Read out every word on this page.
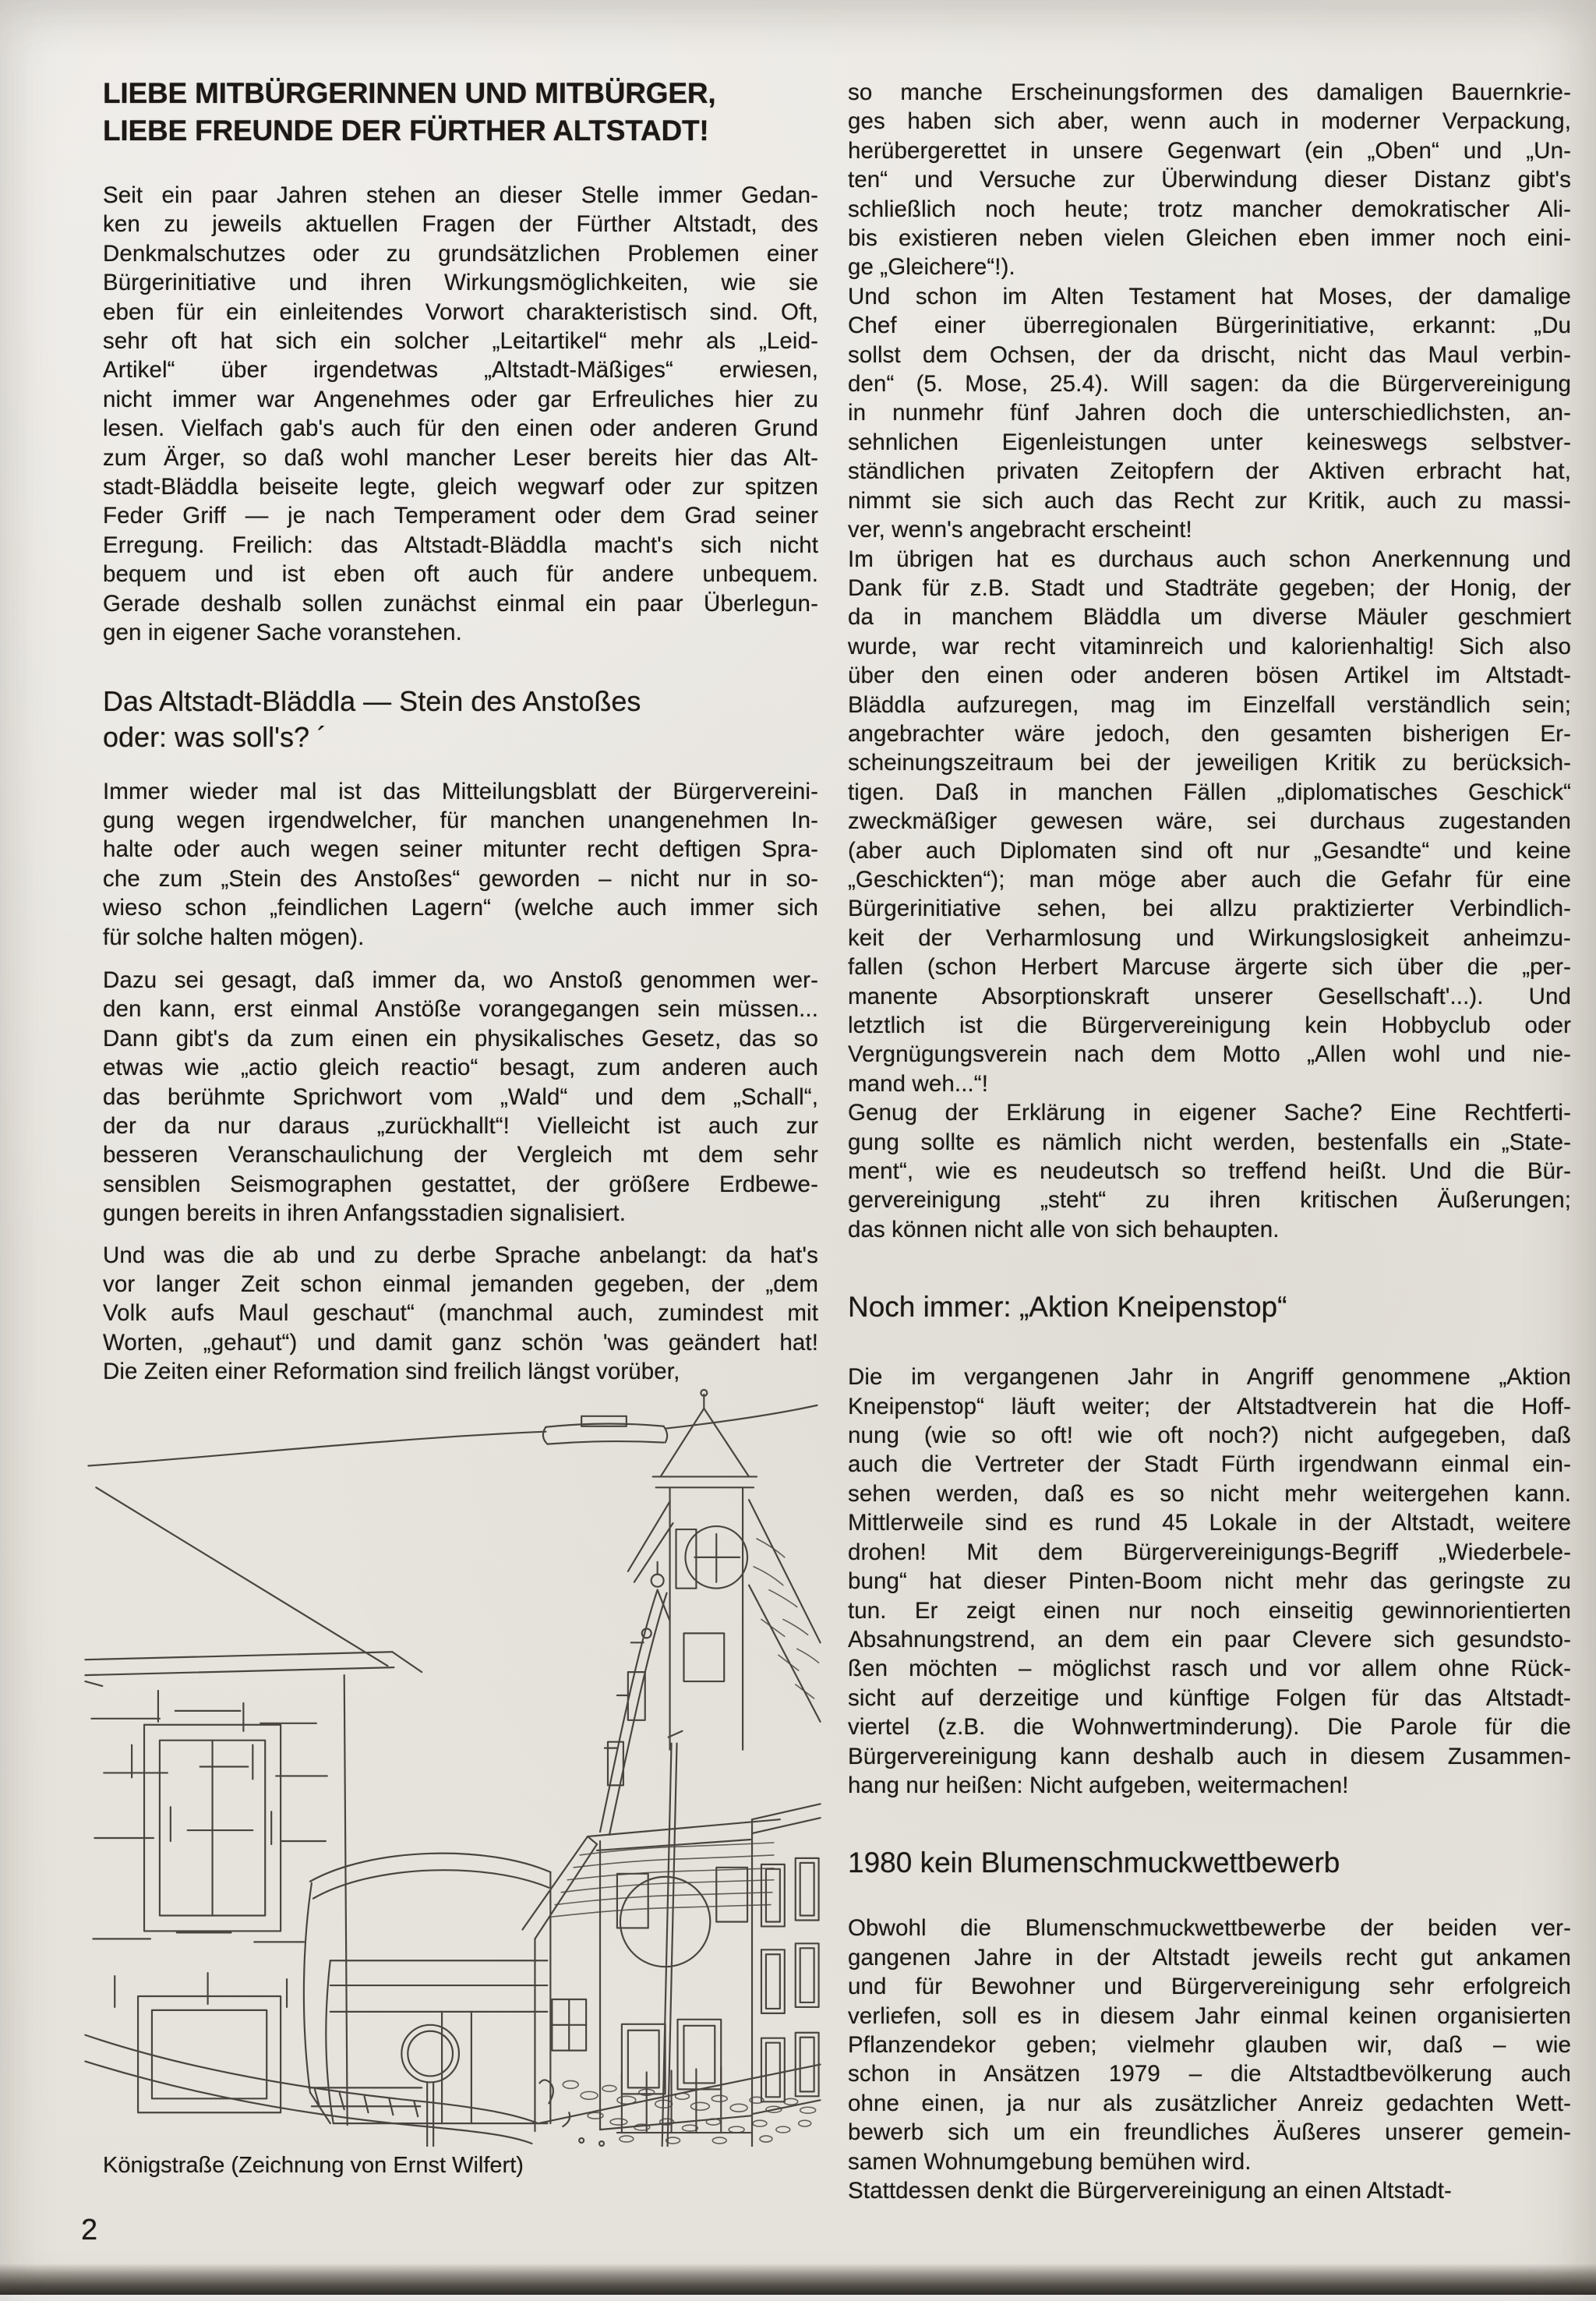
LIEBE MITBÜRGERINNEN UND MITBÜRGER,
LIEBE FREUNDE DER FÜRTHER ALTSTADT!
Seit ein paar Jahren stehen an dieser Stelle immer Gedan-
ken zu jeweils aktuellen Fragen der Fürther Altstadt, des
Denkmalschutzes oder zu grundsätzlichen Problemen einer
Bürgerinitiative und ihren Wirkungsmöglichkeiten, wie sie
eben für ein einleitendes Vorwort charakteristisch sind. Oft,
sehr oft hat sich ein solcher „Leitartikel“ mehr als „Leid-
Artikel“ über irgendetwas „Altstadt-Mäßiges“ erwiesen,
nicht immer war Angenehmes oder gar Erfreuliches hier zu
lesen. Vielfach gab's auch für den einen oder anderen Grund
zum Ärger, so daß wohl mancher Leser bereits hier das Alt-
stadt-Bläddla beiseite legte, gleich wegwarf oder zur spitzen
Feder Griff — je nach Temperament oder dem Grad seiner
Erregung. Freilich: das Altstadt-Bläddla macht's sich nicht
bequem und ist eben oft auch für andere unbequem.
Gerade deshalb sollen zunächst einmal ein paar Überlegun-
gen in eigener Sache voranstehen.
Das Altstadt-Bläddla — Stein des Anstoßes
oder: was soll's? ´
Immer wieder mal ist das Mitteilungsblatt der Bürgervereini-
gung wegen irgendwelcher, für manchen unangenehmen In-
halte oder auch wegen seiner mitunter recht deftigen Spra-
che zum „Stein des Anstoßes“ geworden – nicht nur in so-
wieso schon „feindlichen Lagern“ (welche auch immer sich
für solche halten mögen).
Dazu sei gesagt, daß immer da, wo Anstoß genommen wer-
den kann, erst einmal Anstöße vorangegangen sein müssen...
Dann gibt's da zum einen ein physikalisches Gesetz, das so
etwas wie „actio gleich reactio“ besagt, zum anderen auch
das berühmte Sprichwort vom „Wald“ und dem „Schall“,
der da nur daraus „zurückhallt“! Vielleicht ist auch zur
besseren Veranschaulichung der Vergleich mt dem sehr
sensiblen Seismographen gestattet, der größere Erdbewe-
gungen bereits in ihren Anfangsstadien signalisiert.
Und was die ab und zu derbe Sprache anbelangt: da hat's
vor langer Zeit schon einmal jemanden gegeben, der „dem
Volk aufs Maul geschaut“ (manchmal auch, zumindest mit
Worten, „gehaut“) und damit ganz schön 'was geändert hat!
Die Zeiten einer Reformation sind freilich längst vorüber,
Königstraße (Zeichnung von Ernst Wilfert)
so manche Erscheinungsformen des damaligen Bauernkrie-
ges haben sich aber, wenn auch in moderner Verpackung,
herübergerettet in unsere Gegenwart (ein „Oben“ und „Un-
ten“ und Versuche zur Überwindung dieser Distanz gibt's
schließlich noch heute; trotz mancher demokratischer Ali-
bis existieren neben vielen Gleichen eben immer noch eini-
ge „Gleichere“!).
Und schon im Alten Testament hat Moses, der damalige
Chef einer überregionalen Bürgerinitiative, erkannt: „Du
sollst dem Ochsen, der da drischt, nicht das Maul verbin-
den“ (5. Mose, 25.4). Will sagen: da die Bürgervereinigung
in nunmehr fünf Jahren doch die unterschiedlichsten, an-
sehnlichen Eigenleistungen unter keineswegs selbstver-
ständlichen privaten Zeitopfern der Aktiven erbracht hat,
nimmt sie sich auch das Recht zur Kritik, auch zu massi-
ver, wenn's angebracht erscheint!
Im übrigen hat es durchaus auch schon Anerkennung und
Dank für z.B. Stadt und Stadträte gegeben; der Honig, der
da in manchem Bläddla um diverse Mäuler geschmiert
wurde, war recht vitaminreich und kalorienhaltig! Sich also
über den einen oder anderen bösen Artikel im Altstadt-
Bläddla aufzuregen, mag im Einzelfall verständlich sein;
angebrachter wäre jedoch, den gesamten bisherigen Er-
scheinungszeitraum bei der jeweiligen Kritik zu berücksich-
tigen. Daß in manchen Fällen „diplomatisches Geschick“
zweckmäßiger gewesen wäre, sei durchaus zugestanden
(aber auch Diplomaten sind oft nur „Gesandte“ und keine
„Geschickten“); man möge aber auch die Gefahr für eine
Bürgerinitiative sehen, bei allzu praktizierter Verbindlich-
keit der Verharmlosung und Wirkungslosigkeit anheimzu-
fallen (schon Herbert Marcuse ärgerte sich über die „per-
manente Absorptionskraft unserer Gesellschaft'...). Und
letztlich ist die Bürgervereinigung kein Hobbyclub oder
Vergnügungsverein nach dem Motto „Allen wohl und nie-
mand weh...“!
Genug der Erklärung in eigener Sache? Eine Rechtferti-
gung sollte es nämlich nicht werden, bestenfalls ein „State-
ment“, wie es neudeutsch so treffend heißt. Und die Bür-
gervereinigung „steht“ zu ihren kritischen Äußerungen;
das können nicht alle von sich behaupten.
Noch immer: „Aktion Kneipenstop“
Die im vergangenen Jahr in Angriff genommene „Aktion
Kneipenstop“ läuft weiter; der Altstadtverein hat die Hoff-
nung (wie so oft! wie oft noch?) nicht aufgegeben, daß
auch die Vertreter der Stadt Fürth irgendwann einmal ein-
sehen werden, daß es so nicht mehr weitergehen kann.
Mittlerweile sind es rund 45 Lokale in der Altstadt, weitere
drohen! Mit dem Bürgervereinigungs-Begriff „Wiederbele-
bung“ hat dieser Pinten-Boom nicht mehr das geringste zu
tun. Er zeigt einen nur noch einseitig gewinnorientierten
Absahnungstrend, an dem ein paar Clevere sich gesundsto-
ßen möchten – möglichst rasch und vor allem ohne Rück-
sicht auf derzeitige und künftige Folgen für das Altstadt-
viertel (z.B. die Wohnwertminderung). Die Parole für die
Bürgervereinigung kann deshalb auch in diesem Zusammen-
hang nur heißen: Nicht aufgeben, weitermachen!
1980 kein Blumenschmuckwettbewerb
Obwohl die Blumenschmuckwettbewerbe der beiden ver-
gangenen Jahre in der Altstadt jeweils recht gut ankamen
und für Bewohner und Bürgervereinigung sehr erfolgreich
verliefen, soll es in diesem Jahr einmal keinen organisierten
Pflanzendekor geben; vielmehr glauben wir, daß – wie
schon in Ansätzen 1979 – die Altstadtbevölkerung auch
ohne einen, ja nur als zusätzlicher Anreiz gedachten Wett-
bewerb sich um ein freundliches Äußeres unserer gemein-
samen Wohnumgebung bemühen wird.
Stattdessen denkt die Bürgervereinigung an einen Altstadt-
2
